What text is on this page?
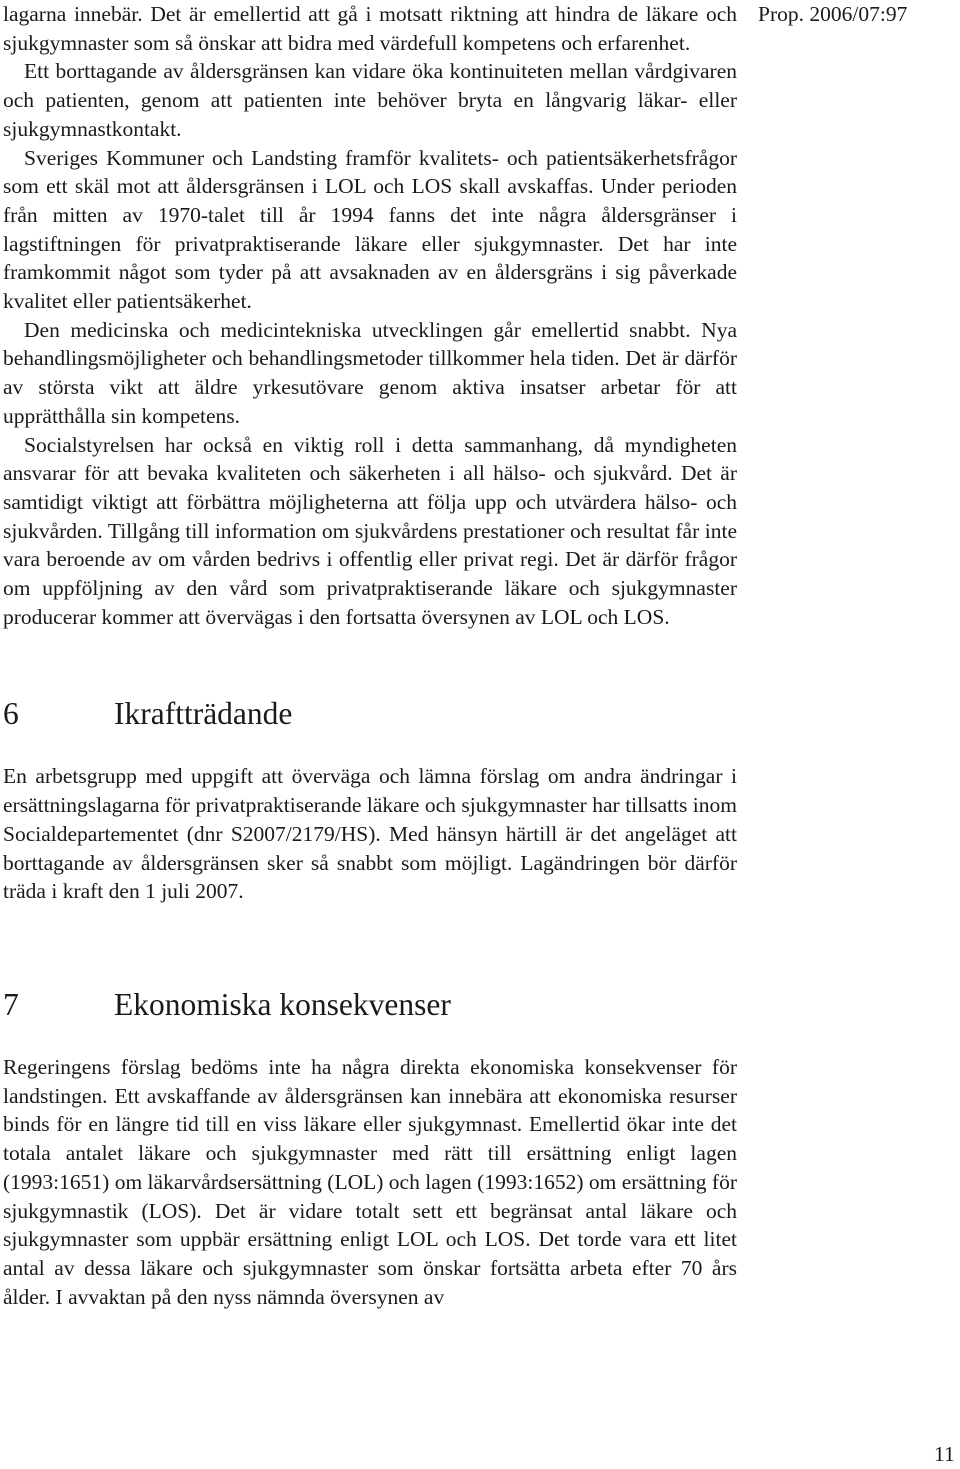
Prop. 2006/07:97

lagarna innebär. Det är emellertid att gå i motsatt riktning att hindra de läkare och sjukgymnaster som så önskar att bidra med värdefull kompetens och erfarenhet.

Ett borttagande av åldersgränsen kan vidare öka kontinuiteten mellan vårdgivaren och patienten, genom att patienten inte behöver bryta en långvarig läkar- eller sjukgymnastkontakt.

Sveriges Kommuner och Landsting framför kvalitets- och patientsäkerhetsfrågor som ett skäl mot att åldersgränsen i LOL och LOS skall avskaffas. Under perioden från mitten av 1970-talet till år 1994 fanns det inte några åldersgränser i lagstiftningen för privatpraktiserande läkare eller sjukgymnaster. Det har inte framkommit något som tyder på att avsaknaden av en åldersgräns i sig påverkade kvalitet eller patientsäkerhet.

Den medicinska och medicintekniska utvecklingen går emellertid snabbt. Nya behandlingsmöjligheter och behandlingsmetoder tillkommer hela tiden. Det är därför av största vikt att äldre yrkesutövare genom aktiva insatser arbetar för att upprätthålla sin kompetens.

Socialstyrelsen har också en viktig roll i detta sammanhang, då myndigheten ansvarar för att bevaka kvaliteten och säkerheten i all hälso- och sjukvård. Det är samtidigt viktigt att förbättra möjligheterna att följa upp och utvärdera hälso- och sjukvården. Tillgång till information om sjukvårdens prestationer och resultat får inte vara beroende av om vården bedrivs i offentlig eller privat regi. Det är därför frågor om uppföljning av den vård som privatpraktiserande läkare och sjukgymnaster producerar kommer att övervägas i den fortsatta översynen av LOL och LOS.

6	Ikraftträdande

En arbetsgrupp med uppgift att överväga och lämna förslag om andra ändringar i ersättningslagarna för privatpraktiserande läkare och sjukgymnaster har tillsatts inom Socialdepartementet (dnr S2007/2179/HS). Med hänsyn härtill är det angeläget att borttagande av åldersgränsen sker så snabbt som möjligt. Lagändringen bör därför träda i kraft den 1 juli 2007.

7	Ekonomiska konsekvenser

Regeringens förslag bedöms inte ha några direkta ekonomiska konsekvenser för landstingen. Ett avskaffande av åldersgränsen kan innebära att ekonomiska resurser binds för en längre tid till en viss läkare eller sjukgymnast. Emellertid ökar inte det totala antalet läkare och sjukgymnaster med rätt till ersättning enligt lagen (1993:1651) om läkarvårdsersättning (LOL) och lagen (1993:1652) om ersättning för sjukgymnastik (LOS). Det är vidare totalt sett ett begränsat antal läkare och sjukgymnaster som uppbär ersättning enligt LOL och LOS. Det torde vara ett litet antal av dessa läkare och sjukgymnaster som önskar fortsätta arbeta efter 70 års ålder. I avvaktan på den nyss nämnda översynen av

11
